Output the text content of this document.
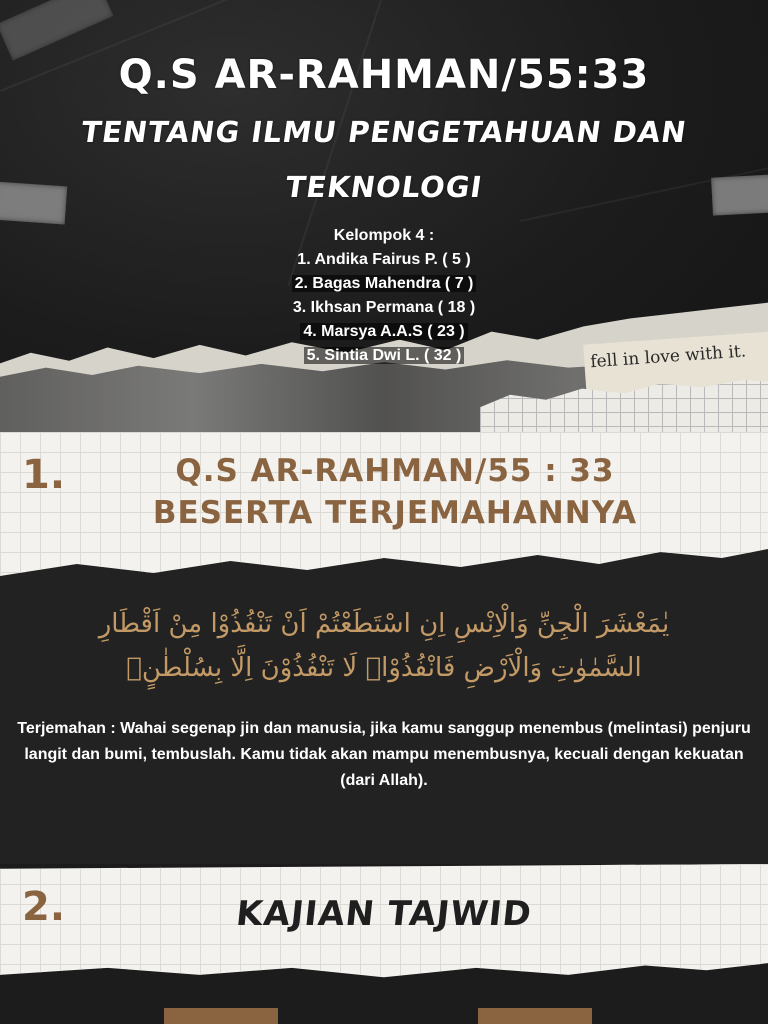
fell in love with it.
Q.S AR-RAHMAN/55:33
TENTANG ILMU PENGETAHUAN DAN
TEKNOLOGI
Kelompok 4 :
1. Andika Fairus P. ( 5 )
2. Bagas Mahendra ( 7 )
3. Ikhsan Permana ( 18 )
4. Marsya A.A.S ( 23 )
5. Sintia Dwi L. ( 32 )
1.	Q.S AR-RAHMAN/55 : 33
BESERTA TERJEMAHANNYA
يٰمَعْشَرَ الْجِنِّ وَالْاِنْسِ اِنِ اسْتَطَعْتُمْ اَنْ تَنْفُذُوْا مِنْ اَقْطَارِ
السَّمٰوٰتِ وَالْاَرْضِ فَانْفُذُوْاۗ لَا تَنْفُذُوْنَ اِلَّا بِسُلْطٰنٍۚ
Terjemahan : Wahai segenap jin dan manusia, jika kamu sanggup menembus (melintasi) penjuru langit dan bumi, tembuslah. Kamu tidak akan mampu menembusnya, kecuali dengan kekuatan (dari Allah).
2.	KAJIAN TAJWID
